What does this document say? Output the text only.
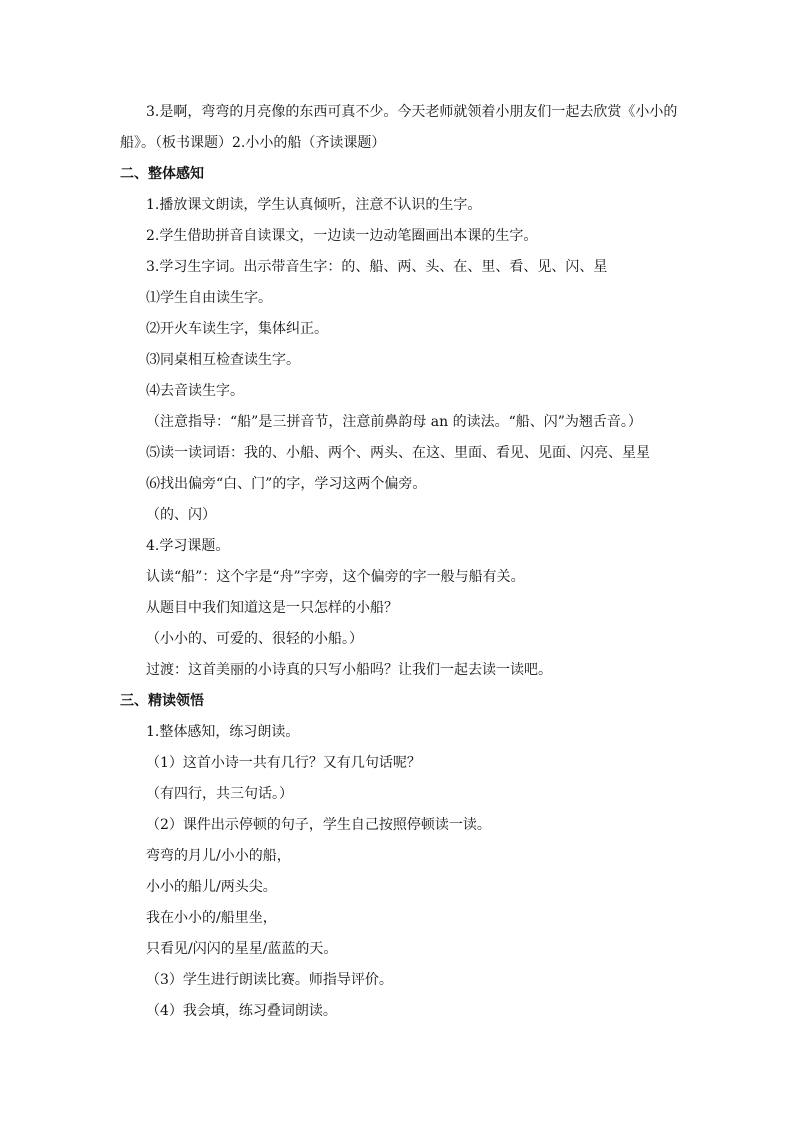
3.是啊，弯弯的月亮像的东西可真不少。今天老师就领着小朋友们一起去欣赏《小小的
船》。（板书课题）2.小小的船（齐读课题）
二、整体感知
1.播放课文朗读，学生认真倾听，注意不认识的生字。
2.学生借助拼音自读课文，一边读一边动笔圈画出本课的生字。
3.学习生字词。出示带音生字：的、船、两、头、在、里、看、见、闪、星
⑴学生自由读生字。
⑵开火车读生字，集体纠正。
⑶同桌相互检查读生字。
⑷去音读生字。
（注意指导：“船”是三拼音节，注意前鼻韵母 an 的读法。“船、闪”为翘舌音。）
⑸读一读词语：我的、小船、两个、两头、在这、里面、看见、见面、闪亮、星星
⑹找出偏旁“白、门”的字，学习这两个偏旁。
（的、闪）
4.学习课题。
认读“船”：这个字是“舟”字旁，这个偏旁的字一般与船有关。
从题目中我们知道这是一只怎样的小船？
（小小的、可爱的、很轻的小船。）
过渡：这首美丽的小诗真的只写小船吗？让我们一起去读一读吧。
三、精读领悟
1.整体感知，练习朗读。
（1）这首小诗一共有几行？又有几句话呢？
（有四行，共三句话。）
（2）课件出示停顿的句子，学生自己按照停顿读一读。
弯弯的月儿/小小的船，
小小的船儿/两头尖。
我在小小的/船里坐，
只看见/闪闪的星星/蓝蓝的天。
（3）学生进行朗读比赛。师指导评价。
（4）我会填，练习叠词朗读。
